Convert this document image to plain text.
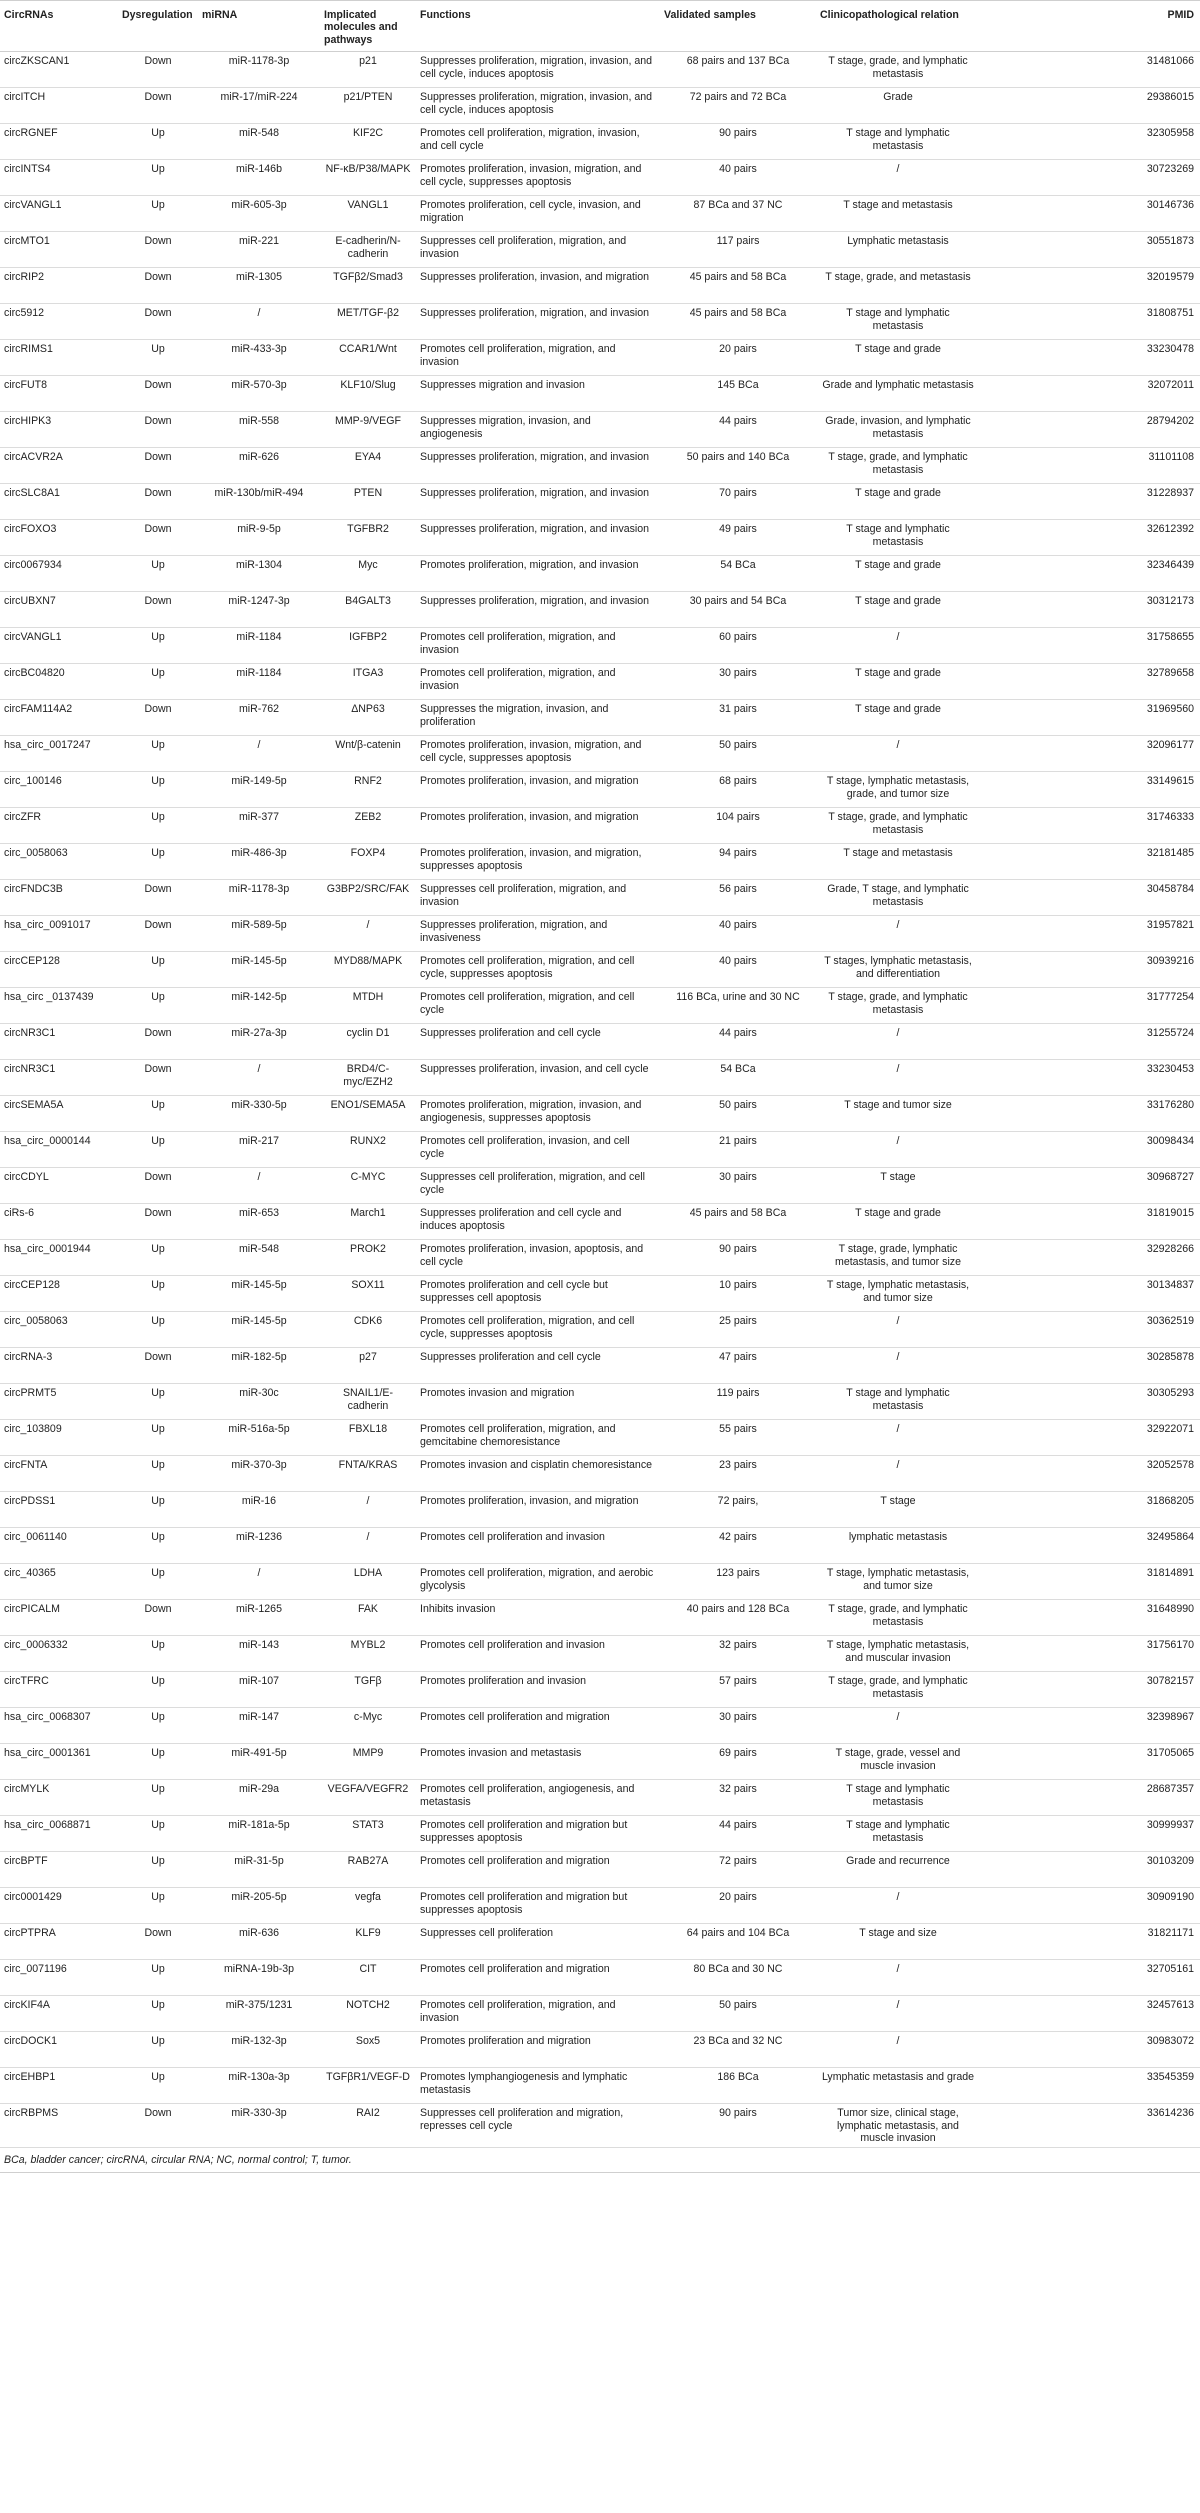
CircRNAs	Dysregulation	miRNA	Implicated molecules and pathways	Functions	Validated samples	Clinicopathological relation	PMID
circZKSCAN1	Down	miR-1178-3p	p21	Suppresses proliferation, migration, invasion, and cell cycle, induces apoptosis	68 pairs and 137 BCa	T stage, grade, and lymphatic metastasis	31481066
circITCH	Down	miR-17/miR-224	p21/PTEN	Suppresses proliferation, migration, invasion, and cell cycle, induces apoptosis	72 pairs and 72 BCa	Grade	29386015
circRGNEF	Up	miR-548	KIF2C	Promotes cell proliferation, migration, invasion, and cell cycle	90 pairs	T stage and lymphatic metastasis	32305958
circINTS4	Up	miR-146b	NF-κB/P38/MAPK	Promotes proliferation, invasion, migration, and cell cycle, suppresses apoptosis	40 pairs	/	30723269
circVANGL1	Up	miR-605-3p	VANGL1	Promotes proliferation, cell cycle, invasion, and migration	87 BCa and 37 NC	T stage and metastasis	30146736
circMTO1	Down	miR-221	E-cadherin/N-cadherin	Suppresses cell proliferation, migration, and invasion	117 pairs	Lymphatic metastasis	30551873
circRIP2	Down	miR-1305	TGFβ2/Smad3	Suppresses proliferation, invasion, and migration	45 pairs and 58 BCa	T stage, grade, and metastasis	32019579
circ5912	Down	/	MET/TGF-β2	Suppresses proliferation, migration, and invasion	45 pairs and 58 BCa	T stage and lymphatic metastasis	31808751
circRIMS1	Up	miR-433-3p	CCAR1/Wnt	Promotes cell proliferation, migration, and invasion	20 pairs	T stage and grade	33230478
circFUT8	Down	miR-570-3p	KLF10/Slug	Suppresses migration and invasion	145 BCa	Grade and lymphatic metastasis	32072011
circHIPK3	Down	miR-558	MMP-9/VEGF	Suppresses migration, invasion, and angiogenesis	44 pairs	Grade, invasion, and lymphatic metastasis	28794202
circACVR2A	Down	miR-626	EYA4	Suppresses proliferation, migration, and invasion	50 pairs and 140 BCa	T stage, grade, and lymphatic metastasis	31101108
circSLC8A1	Down	miR-130b/miR-494	PTEN	Suppresses proliferation, migration, and invasion	70 pairs	T stage and grade	31228937
circFOXO3	Down	miR-9-5p	TGFBR2	Suppresses proliferation, migration, and invasion	49 pairs	T stage and lymphatic metastasis	32612392
circ0067934	Up	miR-1304	Myc	Promotes proliferation, migration, and invasion	54 BCa	T stage and grade	32346439
circUBXN7	Down	miR-1247-3p	B4GALT3	Suppresses proliferation, migration, and invasion	30 pairs and 54 BCa	T stage and grade	30312173
circVANGL1	Up	miR-1184	IGFBP2	Promotes cell proliferation, migration, and invasion	60 pairs	/	31758655
circBC04820	Up	miR-1184	ITGA3	Promotes cell proliferation, migration, and invasion	30 pairs	T stage and grade	32789658
circFAM114A2	Down	miR-762	ΔNP63	Suppresses the migration, invasion, and proliferation	31 pairs	T stage and grade	31969560
hsa_circ_0017247	Up	/	Wnt/β-catenin	Promotes proliferation, invasion, migration, and cell cycle, suppresses apoptosis	50 pairs	/	32096177
circ_100146	Up	miR-149-5p	RNF2	Promotes proliferation, invasion, and migration	68 pairs	T stage, lymphatic metastasis, grade, and tumor size	33149615
circZFR	Up	miR-377	ZEB2	Promotes proliferation, invasion, and migration	104 pairs	T stage, grade, and lymphatic metastasis	31746333
circ_0058063	Up	miR-486-3p	FOXP4	Promotes proliferation, invasion, and migration, suppresses apoptosis	94 pairs	T stage and metastasis	32181485
circFNDC3B	Down	miR-1178-3p	G3BP2/SRC/FAK	Suppresses cell proliferation, migration, and invasion	56 pairs	Grade, T stage, and lymphatic metastasis	30458784
hsa_circ_0091017	Down	miR-589-5p	/	Suppresses proliferation, migration, and invasiveness	40 pairs	/	31957821
circCEP128	Up	miR-145-5p	MYD88/MAPK	Promotes cell proliferation, migration, and cell cycle, suppresses apoptosis	40 pairs	T stages, lymphatic metastasis, and differentiation	30939216
hsa_circ _0137439	Up	miR-142-5p	MTDH	Promotes cell proliferation, migration, and cell cycle	116 BCa, urine and 30 NC	T stage, grade, and lymphatic metastasis	31777254
circNR3C1	Down	miR-27a-3p	cyclin D1	Suppresses proliferation and cell cycle	44 pairs	/	31255724
circNR3C1	Down	/	BRD4/C-myc/EZH2	Suppresses proliferation, invasion, and cell cycle	54 BCa	/	33230453
circSEMA5A	Up	miR-330-5p	ENO1/SEMA5A	Promotes proliferation, migration, invasion, and angiogenesis, suppresses apoptosis	50 pairs	T stage and tumor size	33176280
hsa_circ_0000144	Up	miR-217	RUNX2	Promotes cell proliferation, invasion, and cell cycle	21 pairs	/	30098434
circCDYL	Down	/	C-MYC	Suppresses cell proliferation, migration, and cell cycle	30 pairs	T stage	30968727
ciRs-6	Down	miR-653	March1	Suppresses proliferation and cell cycle and induces apoptosis	45 pairs and 58 BCa	T stage and grade	31819015
hsa_circ_0001944	Up	miR-548	PROK2	Promotes proliferation, invasion, apoptosis, and cell cycle	90 pairs	T stage, grade, lymphatic metastasis, and tumor size	32928266
circCEP128	Up	miR-145-5p	SOX11	Promotes proliferation and cell cycle but suppresses cell apoptosis	10 pairs	T stage, lymphatic metastasis, and tumor size	30134837
circ_0058063	Up	miR-145-5p	CDK6	Promotes cell proliferation, migration, and cell cycle, suppresses apoptosis	25 pairs	/	30362519
circRNA-3	Down	miR-182-5p	p27	Suppresses proliferation and cell cycle	47 pairs	/	30285878
circPRMT5	Up	miR-30c	SNAIL1/E-cadherin	Promotes invasion and migration	119 pairs	T stage and lymphatic metastasis	30305293
circ_103809	Up	miR-516a-5p	FBXL18	Promotes cell proliferation, migration, and gemcitabine chemoresistance	55 pairs	/	32922071
circFNTA	Up	miR-370-3p	FNTA/KRAS	Promotes invasion and cisplatin chemoresistance	23 pairs	/	32052578
circPDSS1	Up	miR-16	/	Promotes proliferation, invasion, and migration	72 pairs,	T stage	31868205
circ_0061140	Up	miR-1236	/	Promotes cell proliferation and invasion	42 pairs	lymphatic metastasis	32495864
circ_40365	Up	/	LDHA	Promotes cell proliferation, migration, and aerobic glycolysis	123 pairs	T stage, lymphatic metastasis, and tumor size	31814891
circPICALM	Down	miR-1265	FAK	Inhibits invasion	40 pairs and 128 BCa	T stage, grade, and lymphatic metastasis	31648990
circ_0006332	Up	miR-143	MYBL2	Promotes cell proliferation and invasion	32 pairs	T stage, lymphatic metastasis, and muscular invasion	31756170
circTFRC	Up	miR-107	TGFβ	Promotes proliferation and invasion	57 pairs	T stage, grade, and lymphatic metastasis	30782157
hsa_circ_0068307	Up	miR-147	c-Myc	Promotes cell proliferation and migration	30 pairs	/	32398967
hsa_circ_0001361	Up	miR-491-5p	MMP9	Promotes invasion and metastasis	69 pairs	T stage, grade, vessel and muscle invasion	31705065
circMYLK	Up	miR-29a	VEGFA/VEGFR2	Promotes cell proliferation, angiogenesis, and metastasis	32 pairs	T stage and lymphatic metastasis	28687357
hsa_circ_0068871	Up	miR-181a-5p	STAT3	Promotes cell proliferation and migration but suppresses apoptosis	44 pairs	T stage and lymphatic metastasis	30999937
circBPTF	Up	miR-31-5p	RAB27A	Promotes cell proliferation and migration	72 pairs	Grade and recurrence	30103209
circ0001429	Up	miR-205-5p	vegfa	Promotes cell proliferation and migration but suppresses apoptosis	20 pairs	/	30909190
circPTPRA	Down	miR-636	KLF9	Suppresses cell proliferation	64 pairs and 104 BCa	T stage and size	31821171
circ_0071196	Up	miRNA-19b-3p	CIT	Promotes cell proliferation and migration	80 BCa and 30 NC	/	32705161
circKIF4A	Up	miR-375/1231	NOTCH2	Promotes cell proliferation, migration, and invasion	50 pairs	/	32457613
circDOCK1	Up	miR-132-3p	Sox5	Promotes proliferation and migration	23 BCa and 32 NC	/	30983072
circEHBP1	Up	miR-130a-3p	TGFβR1/VEGF-D	Promotes lymphangiogenesis and lymphatic metastasis	186 BCa	Lymphatic metastasis and grade	33545359
circRBPMS	Down	miR-330-3p	RAI2	Suppresses cell proliferation and migration, represses cell cycle	90 pairs	Tumor size, clinical stage, lymphatic metastasis, and muscle invasion	33614236
BCa, bladder cancer; circRNA, circular RNA; NC, normal control; T, tumor.
